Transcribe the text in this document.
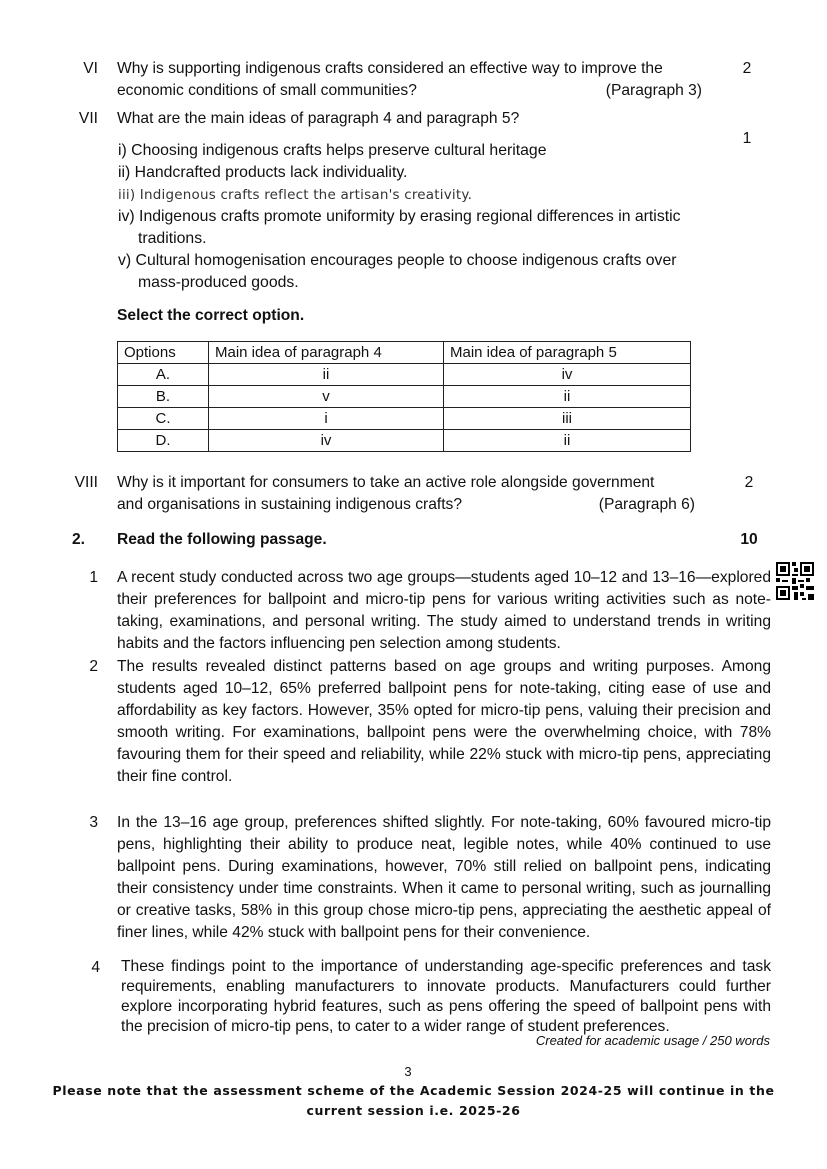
VI Why is supporting indigenous crafts considered an effective way to improve the
economic conditions of small communities?	(Paragraph 3)
2
VII What are the main ideas of paragraph 4 and paragraph 5?
1
i) Choosing indigenous crafts helps preserve cultural heritage
ii) Handcrafted products lack individuality.
iii) Indigenous crafts reflect the artisan's creativity.
iv) Indigenous crafts promote uniformity by erasing regional differences in artistic
traditions.
v) Cultural homogenisation encourages people to choose indigenous crafts over
mass-produced goods.
Select the correct option.
Options	Main idea of paragraph 4	Main idea of paragraph 5
A.	ii	iv
B.	v	ii
C.	i	iii
D.	iv	ii
VIII Why is it important for consumers to take an active role alongside government
and organisations in sustaining indigenous crafts?	(Paragraph 6)
2
2. Read the following passage.	10
1 A recent study conducted across two age groups—students aged 10–12 and 13–16—explored their preferences for ballpoint and micro-tip pens for various writing activities such as note-taking, examinations, and personal writing. The study aimed to understand trends in writing habits and the factors influencing pen selection among students.
2 The results revealed distinct patterns based on age groups and writing purposes. Among students aged 10–12, 65% preferred ballpoint pens for note-taking, citing ease of use and affordability as key factors. However, 35% opted for micro-tip pens, valuing their precision and smooth writing. For examinations, ballpoint pens were the overwhelming choice, with 78% favouring them for their speed and reliability, while 22% stuck with micro-tip pens, appreciating their fine control.
3 In the 13–16 age group, preferences shifted slightly. For note-taking, 60% favoured micro-tip pens, highlighting their ability to produce neat, legible notes, while 40% continued to use ballpoint pens. During examinations, however, 70% still relied on ballpoint pens, indicating their consistency under time constraints. When it came to personal writing, such as journalling or creative tasks, 58% in this group chose micro-tip pens, appreciating the aesthetic appeal of finer lines, while 42% stuck with ballpoint pens for their convenience.
4 These findings point to the importance of understanding age-specific preferences and task requirements, enabling manufacturers to innovate products. Manufacturers could further explore incorporating hybrid features, such as pens offering the speed of ballpoint pens with the precision of micro-tip pens, to cater to a wider range of student preferences.
Created for academic usage / 250 words
3
Please note that the assessment scheme of the Academic Session 2024-25 will continue in the
current session i.e. 2025-26
